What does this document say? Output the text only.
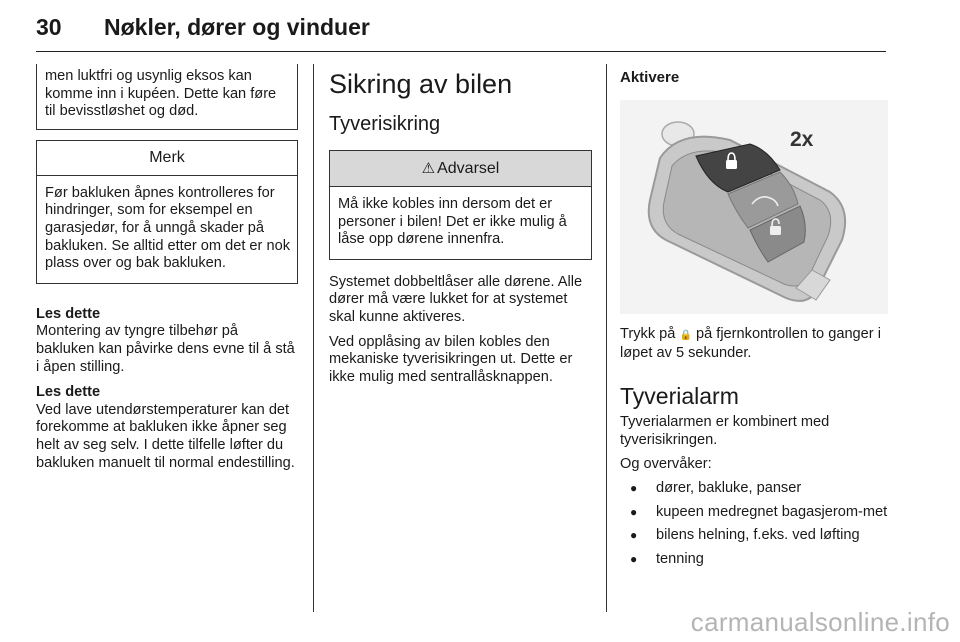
30 Nøkler, dører og vinduer

men luktfri og usynlig eksos kan komme inn i kupéen. Dette kan føre til bevisstløshet og død.

Merk

Før bakluken åpnes kontrolleres for hindringer, som for eksempel en garasjedør, for å unngå skader på bakluken. Se alltid etter om det er nok plass over og bak bakluken.

Les dette

Montering av tyngre tilbehør på bakluken kan påvirke dens evne til å stå i åpen stilling.

Les dette

Ved lave utendørstemperaturer kan det forekomme at bakluken ikke åpner seg helt av seg selv. I dette tilfelle løfter du bakluken manuelt til normal endestilling.

Sikring av bilen
Tyverisikring
⚠ Advarsel

Må ikke kobles inn dersom det er personer i bilen! Det er ikke mulig å låse opp dørene innenfra.

Systemet dobbeltlåser alle dørene. Alle dører må være lukket for at systemet skal kunne aktiveres.

Ved opplåsing av bilen kobles den mekaniske tyverisikringen ut. Dette er ikke mulig med sentrallåsknappen.

Aktivere
2x

Trykk på 🔒 på fjernkontrollen to ganger i løpet av 5 sekunder.

Tyverialarm

Tyverialarmen er kombinert med tyverisikringen.

Og overvåker:

● dører, bakluke, panser
● kupeen medregnet bagasjerom-met
● bilens helning, f.eks. ved løfting
● tenning
carmanualsonline.info
